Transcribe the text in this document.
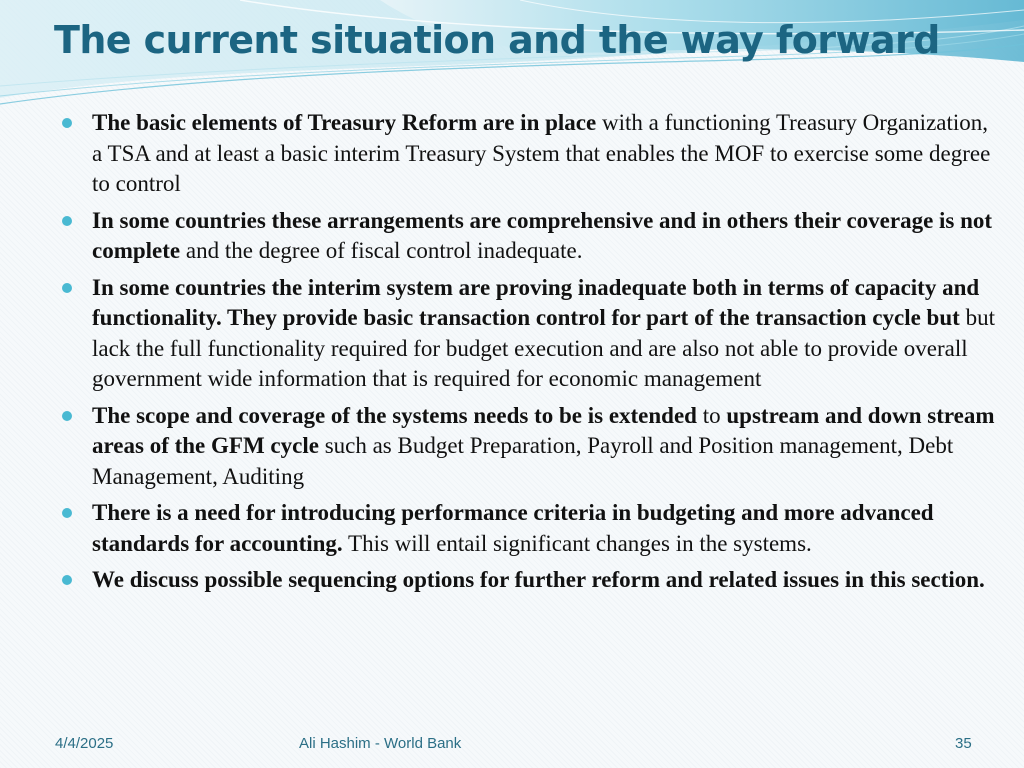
The current situation and the way forward
The basic elements of Treasury Reform are in place with a functioning Treasury Organization, a TSA and at least a basic interim Treasury System that enables the MOF to exercise some degree to control
In some countries these arrangements are comprehensive and in others their coverage is not complete and the degree of fiscal control inadequate.
In some countries the interim system are proving inadequate both in terms of capacity and functionality. They provide basic transaction control for part of the transaction cycle but but lack the full functionality required for budget execution and are also not able to provide overall government wide information that is required for economic management
The scope and coverage of the systems needs to be is extended to upstream and down stream areas of the GFM cycle such as Budget Preparation, Payroll and Position management, Debt Management, Auditing
There is a need for introducing performance criteria in budgeting and more advanced standards for accounting. This will entail significant changes in the systems.
We discuss possible sequencing options for further reform and related issues in this section.
4/4/2025	Ali Hashim - World Bank	35
